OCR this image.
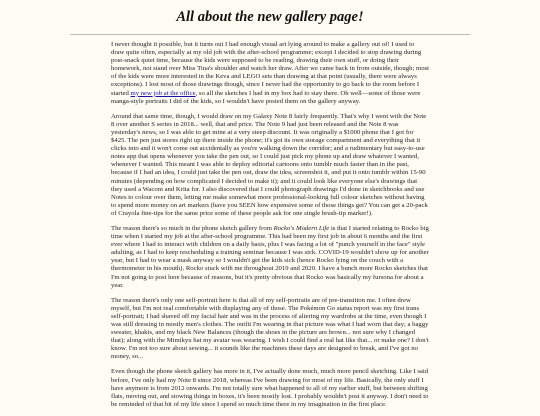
All about the new gallery page!

I never thought it possible, but it turns out I had enough visual art lying around to make a gallery out of! I used to draw quite often, especially at my old job with the after-school programme; except I decided to stop drawing during post-snack quiet time, because the kids were supposed to be reading, drawing their own stuff, or doing their homework, not stand over Miss Tina's shoulder and watch her draw. After we came back in from outside, though; most of the kids were more interested in the Keva and LEGO sets than drawing at that point (usually, there were always exceptions). I lost most of those drawings though, since I never had the opportunity to go back to the room before I started my new job at the office, so all the sketches I had in my box had to stay there. Oh well—some of those were manga-style portraits I did of the kids, so I wouldn't have posted them on the gallery anyway.

Around that same time, though, I would draw on my Galaxy Note 8 fairly frequently. That's why I went with the Note 8 over another S series in 2018... well, that and price. The Note 9 had just been released and the Note 8 was yesterday's news, so I was able to get mine at a very steep discount. It was originally a $1000 phone that I got for $425. The pen just stores right up there inside the phone; it's got its own storage compartment and everything that it clicks into and it won't come out accidentally as you're walking down the corridor; and a rudimentary but easy-to-use notes app that opens whenever you take the pen out, so I could just pick my phone up and draw whatever I wanted, whenever I wanted. This meant I was able to deploy editorial cartoons onto tumblr much faster than in the past, because if I had an idea, I could just take the pen out, draw the idea, screenshot it, and put it onto tumblr within 15-90 minutes (depending on how complicated I decided to make it); and it could look like everyone else's drawings that they used a Wacom and Krita for. I also discovered that I could photograph drawings I'd done in sketchbooks and use Notes to colour over them, letting me make somewhat more professional-looking full colour sketches without having to spend more money on art markers (have you SEEN how expensive some of those things get? You can get a 20-pack of Crayola fine-tips for the same price some of these people ask for one single brush-tip marker!).

The reason there's so much in the phone sketch gallery from Rocko's Modern Life is that I started relating to Rocko big time when I started my job at the after-school programme. This had been my first job in about 6 months and the first ever where I had to interact with children on a daily basis, plus I was facing a lot of "punch yourself in the face" style adulting, as I had to keep rescheduling a training seminar because I was sick. COVID-19 wouldn't show up for another year, but I had to wear a mask anyway so I wouldn't get the kids sick (hence Rocko lying on the couch with a thermometer in his mouth). Rocko stuck with me throughout 2019 and 2020. I have a bunch more Rocko sketches that I'm not going to post here because of reasons, but it's pretty obvious that Rocko was basically my fursona for about a year.

The reason there's only one self-portrait here is that all of my self-portraits are of pre-transition me. I often drew myself, but I'm not real comfortable with displaying any of those. The Pokémon Go status report was my first trans self-portrait; I had shaved off my facial hair and was in the process of altering my wardrobe at the time, even though I was still dressing in mostly men's clothes. The outfit I'm wearing in that picture was what I had worn that day; a baggy sweater, khakis, and my black New Balances (though the shoes in the picture are brown... not sure why I changed that); along with the Mimikyu hat my avatar was wearing. I wish I could find a real hat like that... or make one? I don't know. I'm not too sure about sewing... it sounds like the machines these days are designed to break, and I've got no money, so...

Even though the phone sketch gallery has more in it, I've actually done much, much more pencil sketching. Like I said before, I've only had my Note 8 since 2018, whereas I've been drawing for most of my life. Basically, the only stuff I have anymore is from 2012 onwards. I'm not totally sure what happened to all of my earlier stuff, but between shifting flats, moving out, and stowing things in boxes, it's been mostly lost. I probably wouldn't post it anyway. I don't need to be reminded of that bit of my life since I spend so much time there in my imagination in the first place.
